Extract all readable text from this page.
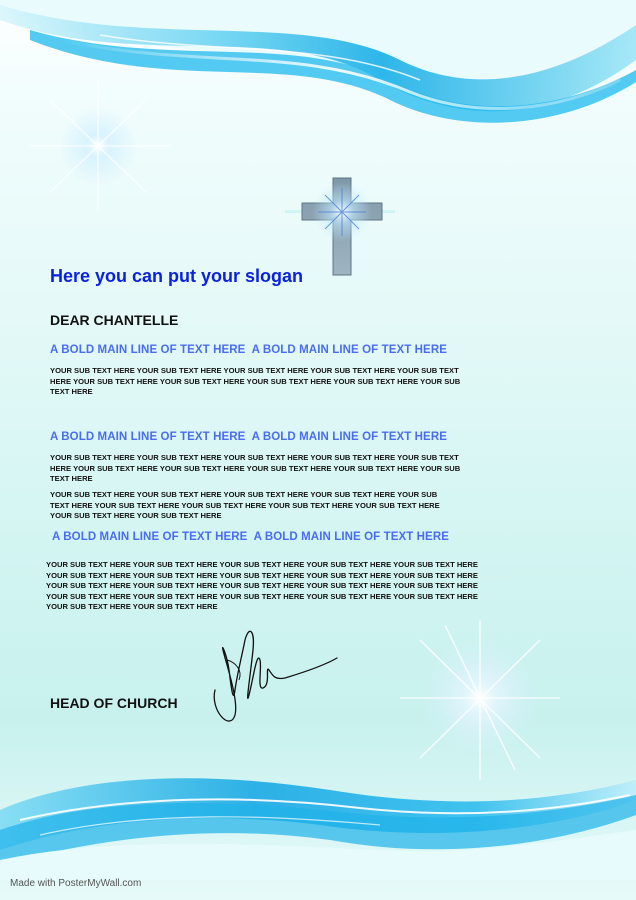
Here you can put your slogan
DEAR CHANTELLE
A BOLD MAIN LINE OF TEXT HERE  A BOLD MAIN LINE OF TEXT HERE

YOUR SUB TEXT HERE YOUR SUB TEXT HERE YOUR SUB TEXT HERE YOUR SUB TEXT HERE YOUR SUB TEXT HERE YOUR SUB TEXT HERE YOUR SUB TEXT HERE YOUR SUB TEXT HERE YOUR SUB TEXT HERE YOUR SUB TEXT HERE

A BOLD MAIN LINE OF TEXT HERE  A BOLD MAIN LINE OF TEXT HERE

YOUR SUB TEXT HERE YOUR SUB TEXT HERE YOUR SUB TEXT HERE YOUR SUB TEXT HERE YOUR SUB TEXT HERE YOUR SUB TEXT HERE YOUR SUB TEXT HERE YOUR SUB TEXT HERE YOUR SUB TEXT HERE YOUR SUB TEXT HERE

YOUR SUB TEXT HERE YOUR SUB TEXT HERE YOUR SUB TEXT HERE YOUR SUB TEXT HERE YOUR SUB TEXT HERE YOUR SUB TEXT HERE YOUR SUB TEXT HERE YOUR SUB TEXT HERE YOUR SUB TEXT HERE YOUR SUB TEXT HERE YOUR SUB TEXT HERE

A BOLD MAIN LINE OF TEXT HERE  A BOLD MAIN LINE OF TEXT HERE

YOUR SUB TEXT HERE YOUR SUB TEXT HERE YOUR SUB TEXT HERE YOUR SUB TEXT HERE YOUR SUB TEXT HERE YOUR SUB TEXT HERE YOUR SUB TEXT HERE YOUR SUB TEXT HERE YOUR SUB TEXT HERE YOUR SUB TEXT HERE YOUR SUB TEXT HERE YOUR SUB TEXT HERE YOUR SUB TEXT HERE YOUR SUB TEXT HERE YOUR SUB TEXT HERE YOUR SUB TEXT HERE YOUR SUB TEXT HERE YOUR SUB TEXT HERE YOUR SUB TEXT HERE YOUR SUB TEXT HERE YOUR SUB TEXT HERE YOUR SUB TEXT HERE

HEAD OF CHURCH
Made with PosterMyWall.com
